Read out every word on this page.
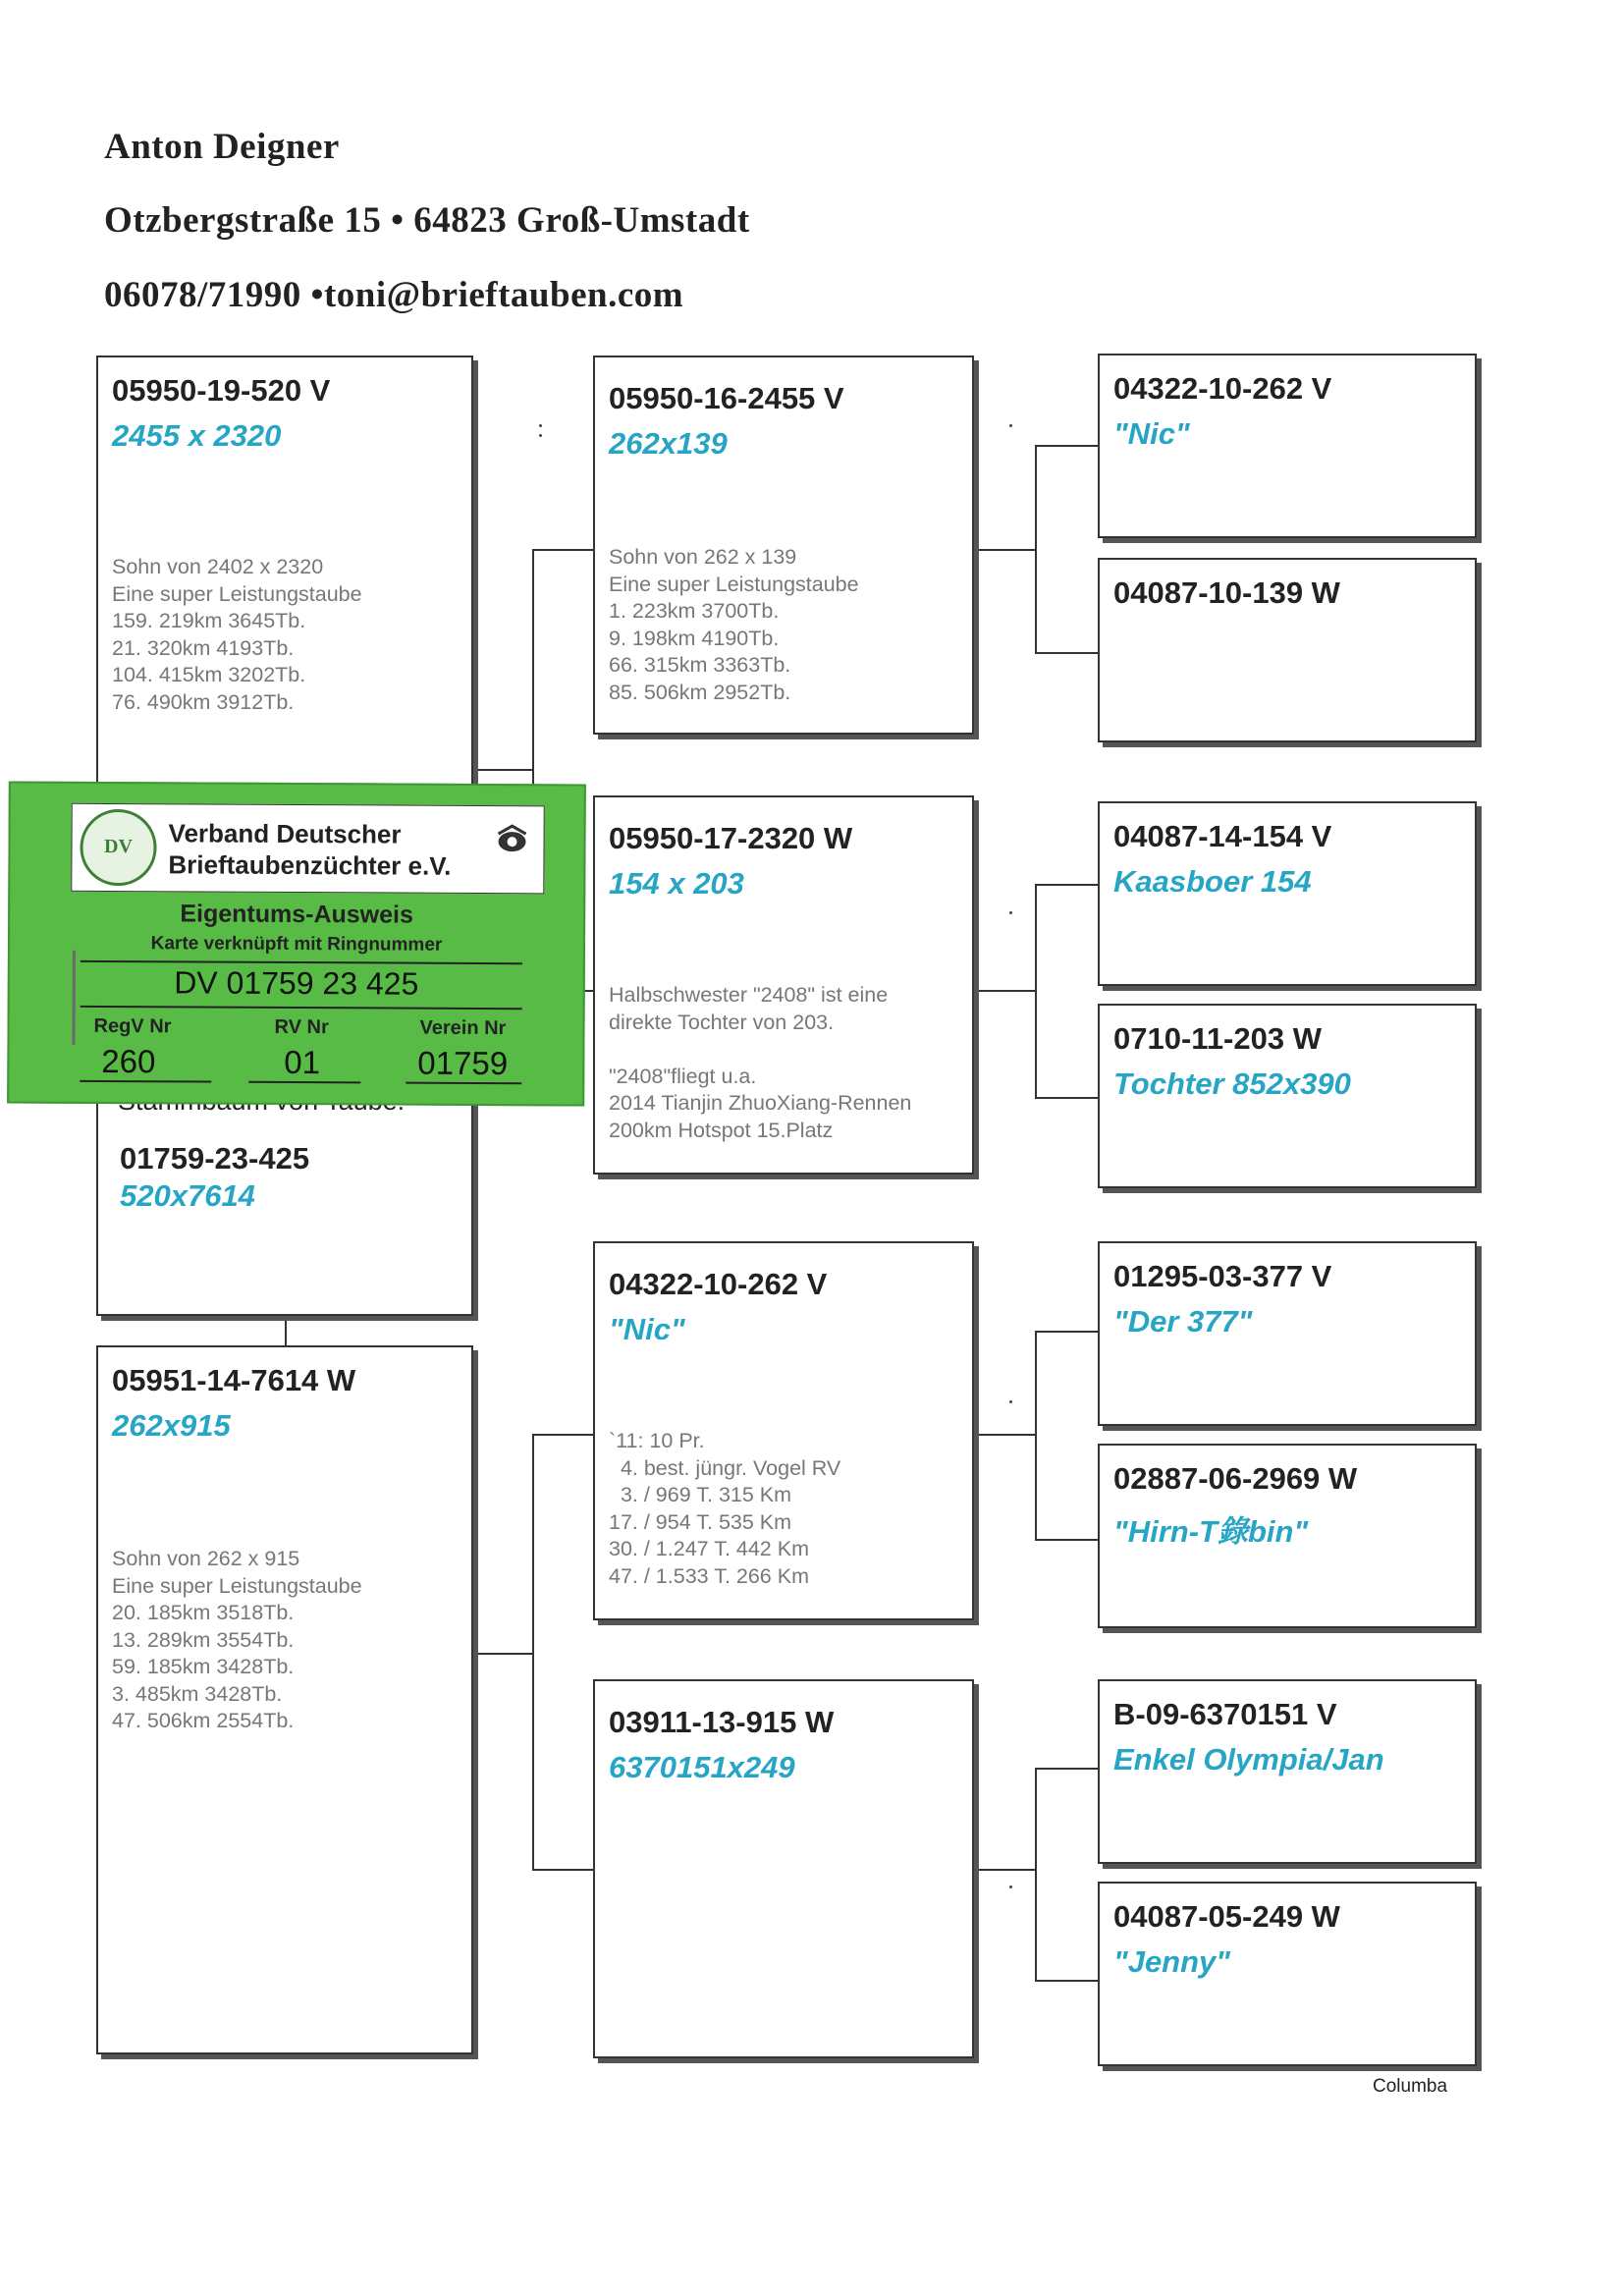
Anton Deigner
Otzbergstraße 15 • 64823 Groß-Umstadt
06078/71990 •toni@brieftauben.com
05950-19-520 V
2455 x 2320
Sohn von 2402 x 2320
Eine super Leistungstaube
159. 219km 3645Tb.
21. 320km 4193Tb.
104. 415km 3202Tb.
76. 490km 3912Tb.
01759-23-425
520x7614
05951-14-7614 W
262x915
Sohn von 262 x 915
Eine super Leistungstaube
20. 185km 3518Tb.
13. 289km 3554Tb.
59. 185km 3428Tb.
3. 485km 3428Tb.
47. 506km 2554Tb.
05950-16-2455 V
262x139
Sohn von 262 x 139
Eine super Leistungstaube
1. 223km 3700Tb.
9. 198km 4190Tb.
66. 315km 3363Tb.
85. 506km 2952Tb.
05950-17-2320 W
154 x 203
Halbschwester "2408" ist eine
direkte Tochter von 203.

"2408"fliegt u.a.
2014 Tianjin ZhuoXiang-Rennen
200km Hotspot 15.Platz
04322-10-262 V
"Nic"
`11: 10 Pr.
4. best. jüngr. Vogel RV
3. / 969 T. 315 Km
17. / 954 T. 535 Km
30. / 1.247 T. 442 Km
47. / 1.533 T. 266 Km
03911-13-915 W
6370151x249
04322-10-262 V
"Nic"
04087-10-139 W
04087-14-154 V
Kaasboer 154
0710-11-203 W
Tochter 852x390
01295-03-377 V
"Der 377"
02887-06-2969 W
"Hirn-T錄bin"
B-09-6370151 V
Enkel Olympia/Jan
04087-05-249 W
"Jenny"
DV	Verband Deutscher
Brieftaubenzüchter e.V.
Eigentums-Ausweis
Karte verknüpft mit Ringnummer
DV 01759 23 425
RegV Nr	RV Nr	Verein Nr
260	01	01759
Columba
